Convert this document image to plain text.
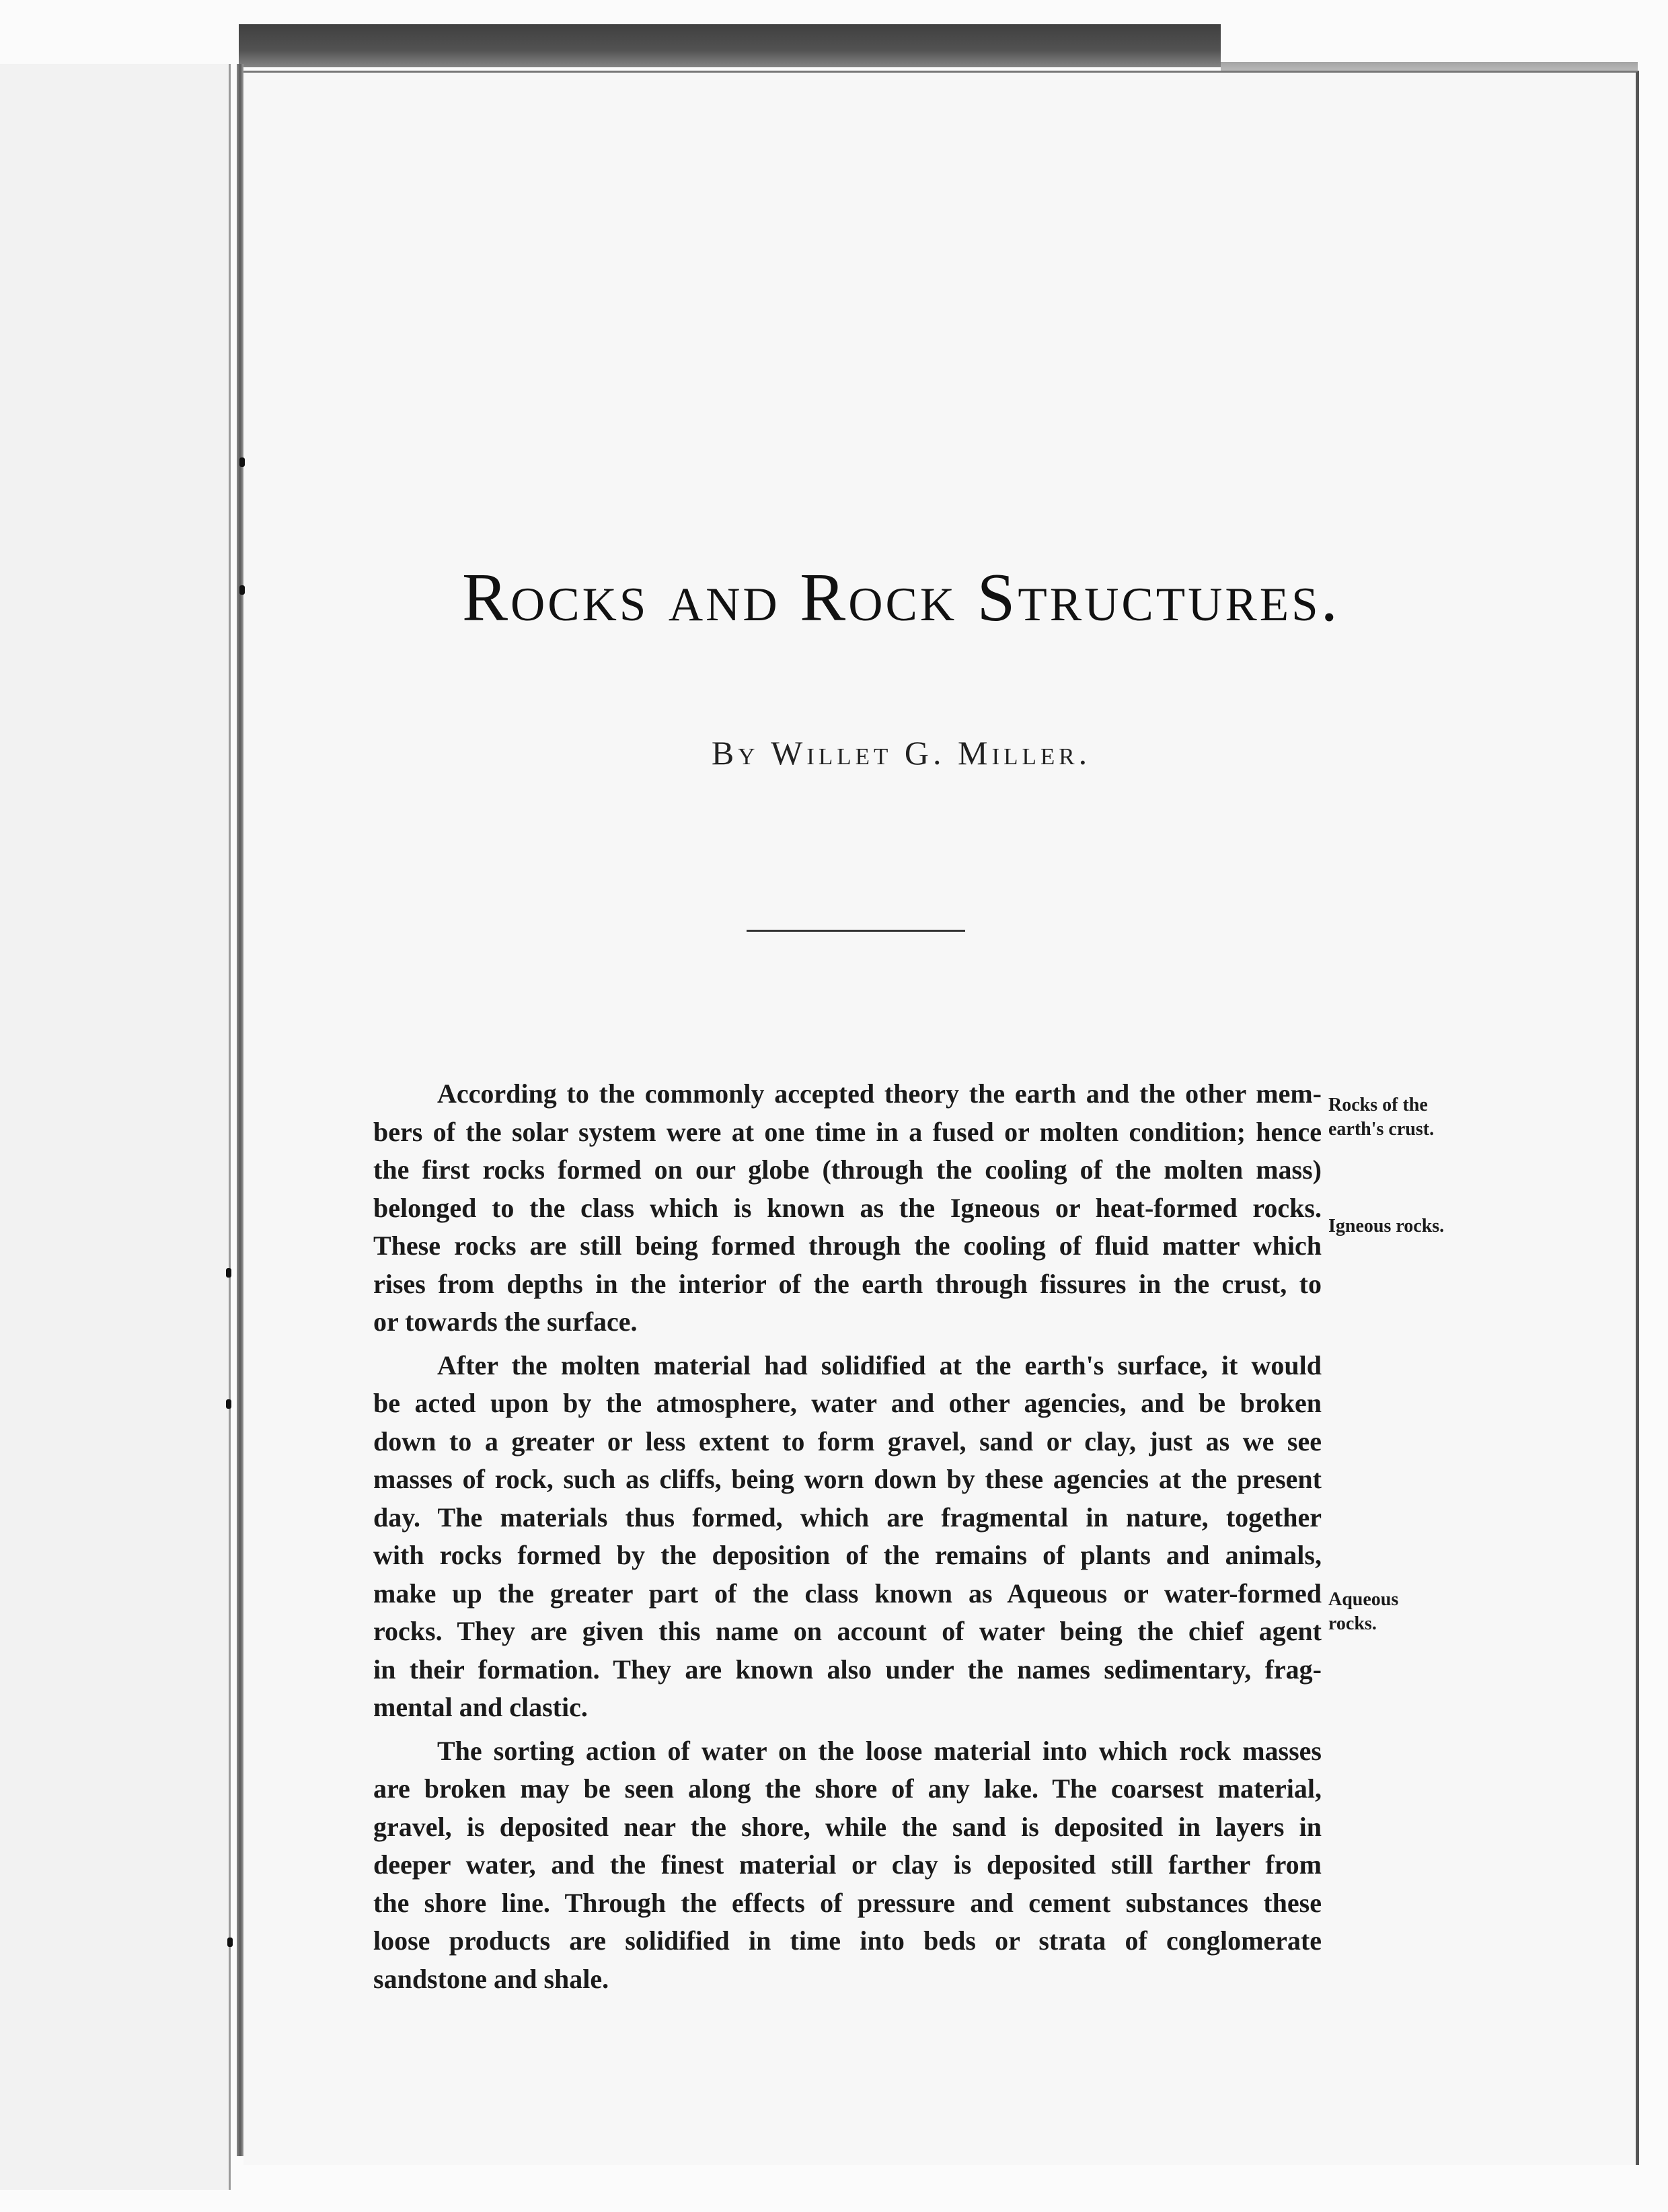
Rocks and Rock Structures.
By Willet G. Miller.
According to the commonly accepted theory the earth and the other mem-
bers of the solar system were at one time in a fused or molten condition; hence
the first rocks formed on our globe (through the cooling of the molten mass)
belonged to the class which is known as the Igneous or heat-formed rocks.
These rocks are still being formed through the cooling of fluid matter which
rises from depths in the interior of the earth through fissures in the crust, to
or towards the surface.
After the molten material had solidified at the earth's surface, it would
be acted upon by the atmosphere, water and other agencies, and be broken
down to a greater or less extent to form gravel, sand or clay, just as we see
masses of rock, such as cliffs, being worn down by these agencies at the present
day. The materials thus formed, which are fragmental in nature, together
with rocks formed by the deposition of the remains of plants and animals,
make up the greater part of the class known as Aqueous or water-formed
rocks. They are given this name on account of water being the chief agent
in their formation. They are known also under the names sedimentary, frag-
mental and clastic.
The sorting action of water on the loose material into which rock masses
are broken may be seen along the shore of any lake. The coarsest material,
gravel, is deposited near the shore, while the sand is deposited in layers in
deeper water, and the finest material or clay is deposited still farther from
the shore line. Through the effects of pressure and cement substances these
loose products are solidified in time into beds or strata of conglomerate
sandstone and shale.
Rocks of the
earth's crust.
Igneous rocks.
Aqueous
rocks.
